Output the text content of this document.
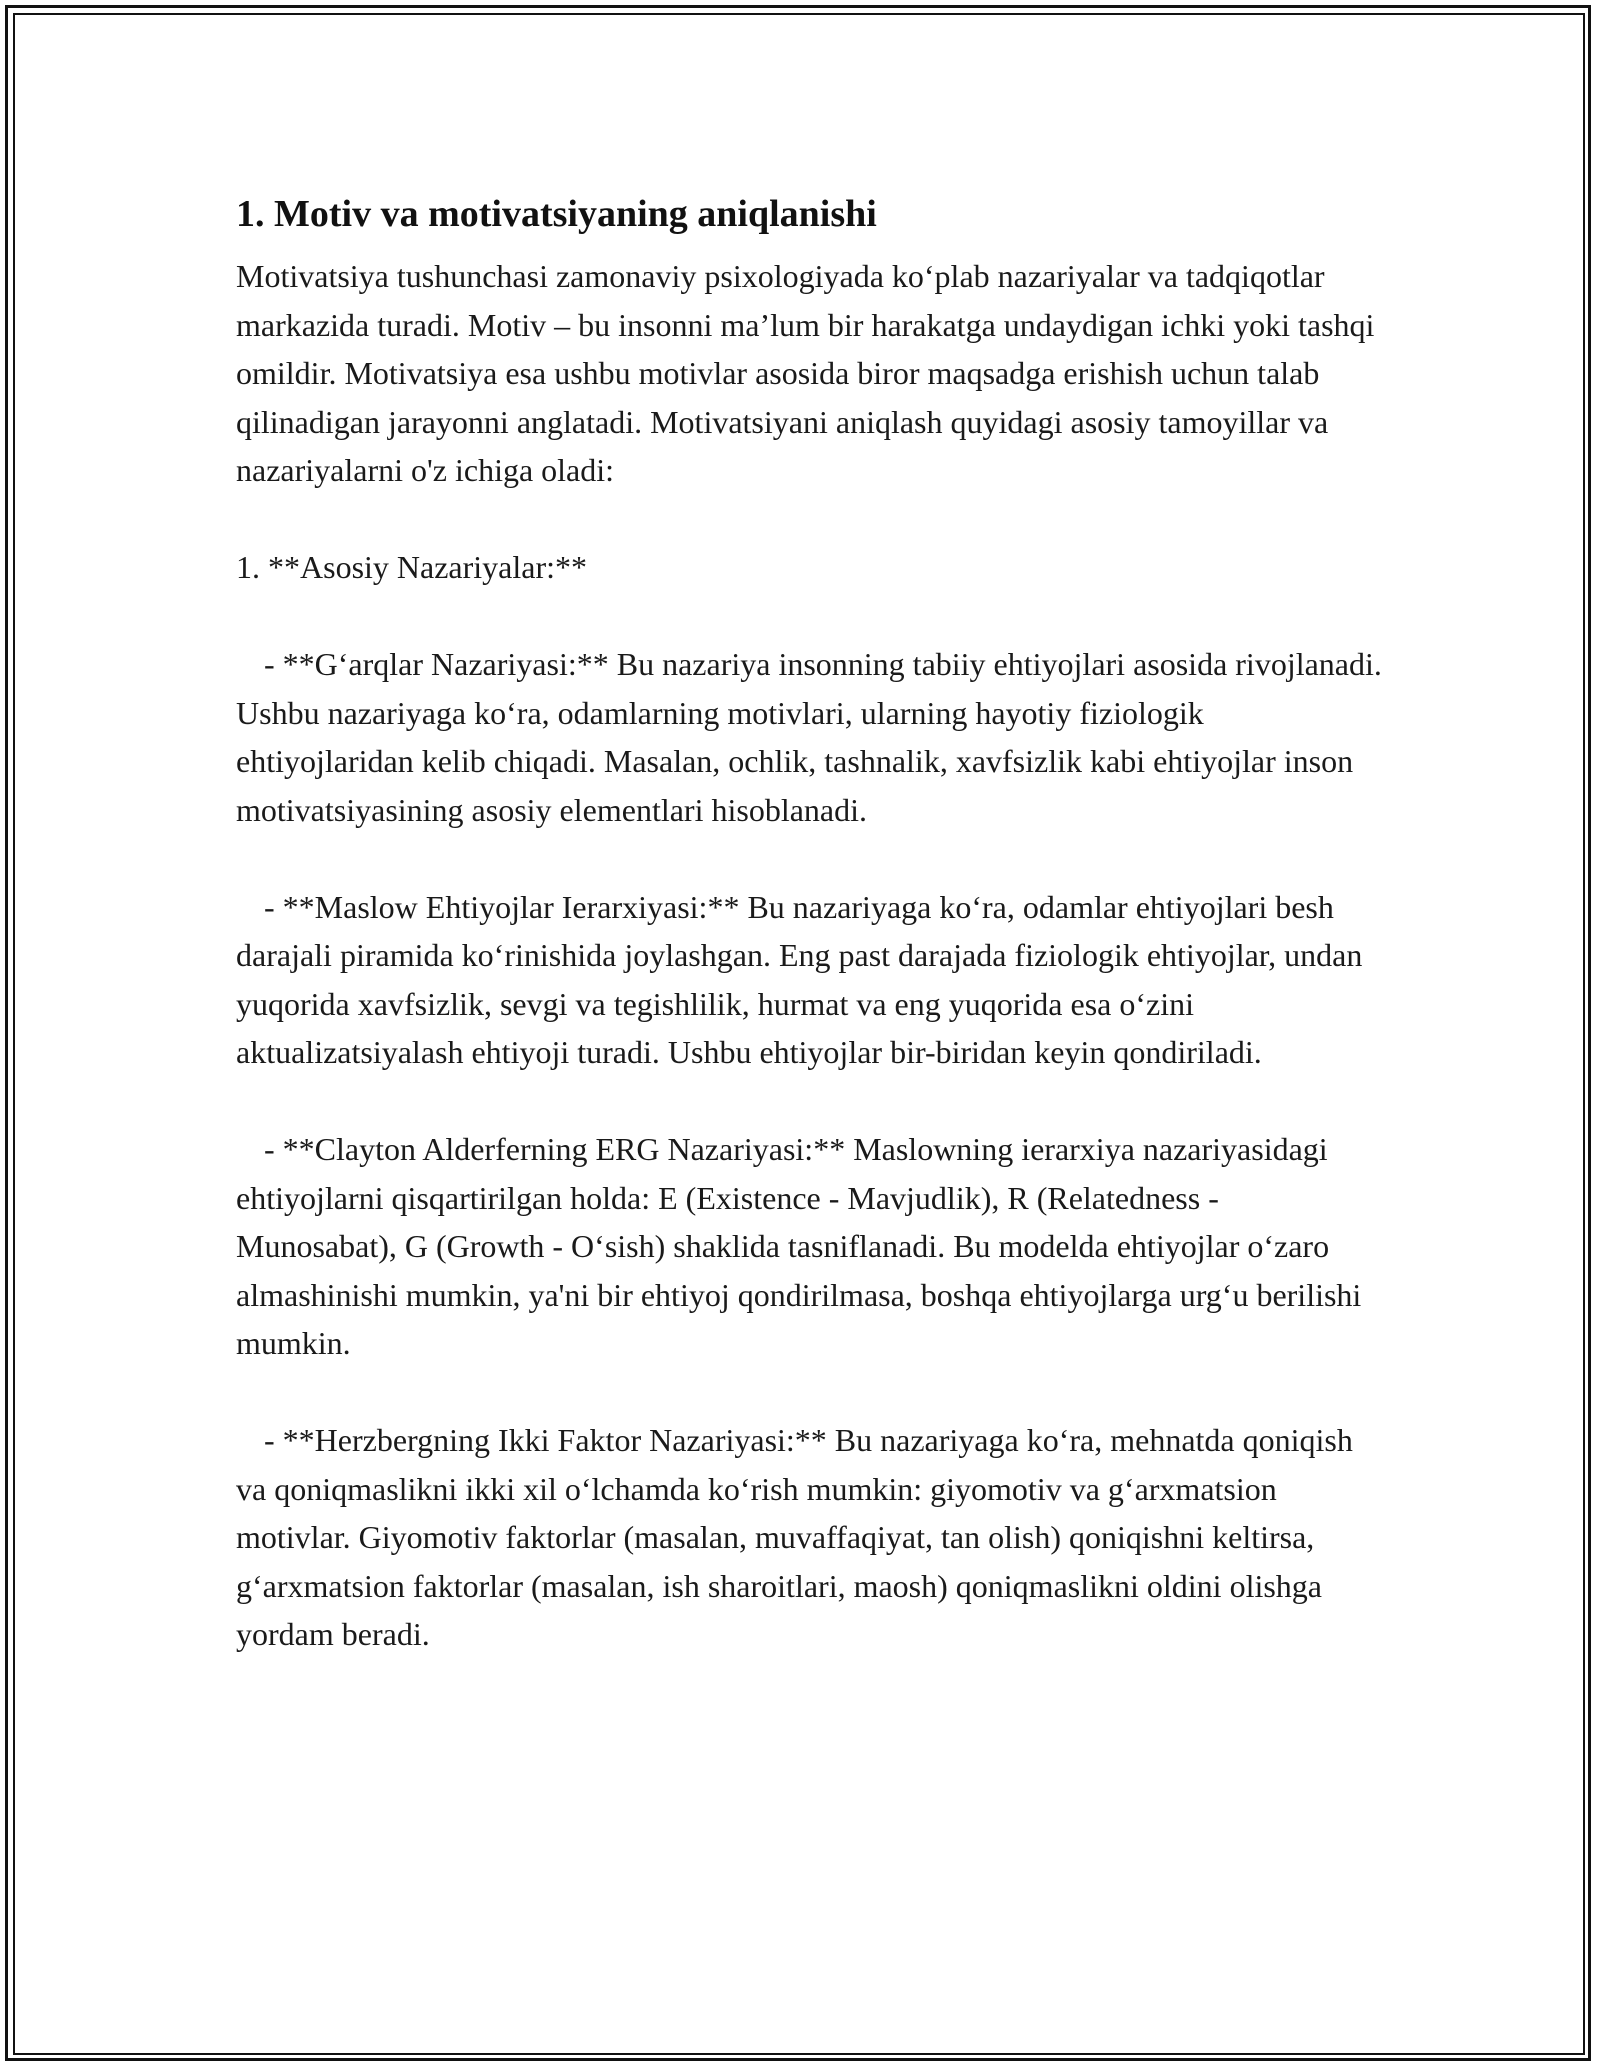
1. Motiv va motivatsiyaning aniqlanishi

Motivatsiya tushunchasi zamonaviy psixologiyada koʻplab nazariyalar va tadqiqotlar markazida turadi. Motiv – bu insonni maʼlum bir harakatga undaydigan ichki yoki tashqi omildir. Motivatsiya esa ushbu motivlar asosida biror maqsadga erishish uchun talab qilinadigan jarayonni anglatadi. Motivatsiyani aniqlash quyidagi asosiy tamoyillar va nazariyalarni o'z ichiga oladi:

1. **Asosiy Nazariyalar:**

- **Gʻarqlar Nazariyasi:** Bu nazariya insonning tabiiy ehtiyojlari asosida rivojlanadi. Ushbu nazariyaga koʻra, odamlarning motivlari, ularning hayotiy fiziologik ehtiyojlaridan kelib chiqadi. Masalan, ochlik, tashnalik, xavfsizlik kabi ehtiyojlar inson motivatsiyasining asosiy elementlari hisoblanadi.

- **Maslow Ehtiyojlar Ierarxiyasi:** Bu nazariyaga koʻra, odamlar ehtiyojlari besh darajali piramida koʻrinishida joylashgan. Eng past darajada fiziologik ehtiyojlar, undan yuqorida xavfsizlik, sevgi va tegishlilik, hurmat va eng yuqorida esa oʻzini aktualizatsiyalash ehtiyoji turadi. Ushbu ehtiyojlar bir-biridan keyin qondiriladi.

- **Clayton Alderferning ERG Nazariyasi:** Maslowning ierarxiya nazariyasidagi ehtiyojlarni qisqartirilgan holda: E (Existence - Mavjudlik), R (Relatedness - Munosabat), G (Growth - Oʻsish) shaklida tasniflanadi. Bu modelda ehtiyojlar oʻzaro almashinishi mumkin, ya'ni bir ehtiyoj qondirilmasa, boshqa ehtiyojlarga urgʻu berilishi mumkin.

- **Herzbergning Ikki Faktor Nazariyasi:** Bu nazariyaga koʻra, mehnatda qoniqish va qoniqmaslikni ikki xil oʻlchamda koʻrish mumkin: giyomotiv va gʻarxmatsion motivlar. Giyomotiv faktorlar (masalan, muvaffaqiyat, tan olish) qoniqishni keltirsa, gʻarxmatsion faktorlar (masalan, ish sharoitlari, maosh) qoniqmaslikni oldini olishga yordam beradi.
